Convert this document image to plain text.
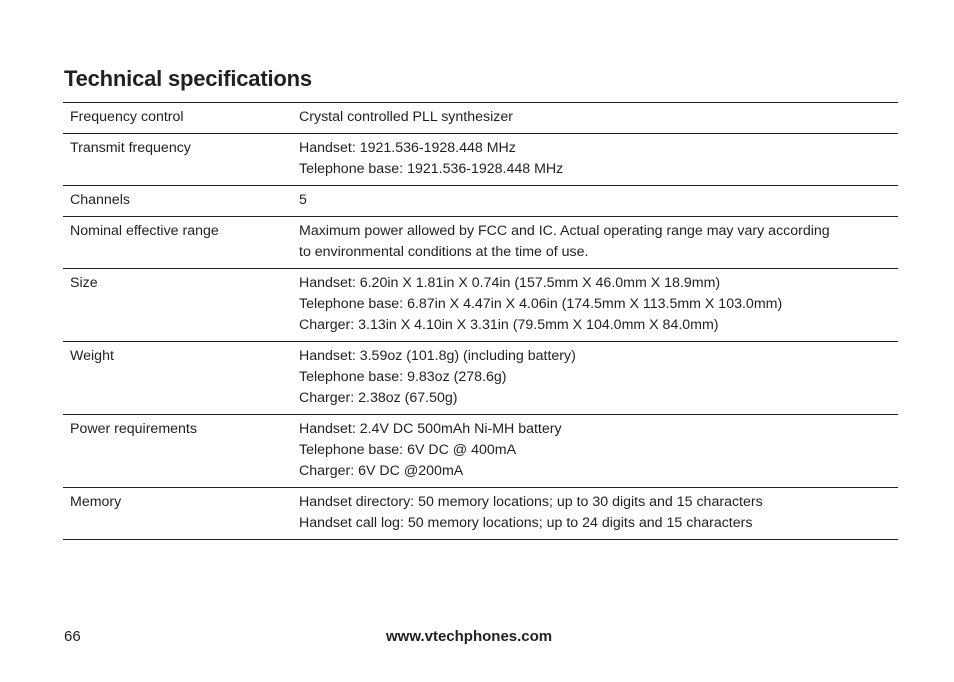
Technical specifications
Frequency control	Crystal controlled PLL synthesizer

Transmit frequency	Handset: 1921.536-1928.448 MHz
Telephone base: 1921.536-1928.448 MHz

Channels	5

Nominal effective range	Maximum power allowed by FCC and IC. Actual operating range may vary according
to environmental conditions at the time of use.

Size	Handset: 6.20in X 1.81in X 0.74in (157.5mm X 46.0mm X 18.9mm)
Telephone base: 6.87in X 4.47in X 4.06in (174.5mm X 113.5mm X 103.0mm)
Charger: 3.13in X 4.10in X 3.31in (79.5mm X 104.0mm X 84.0mm)

Weight	Handset: 3.59oz (101.8g) (including battery)
Telephone base: 9.83oz (278.6g)
Charger: 2.38oz (67.50g)

Power requirements	Handset: 2.4V DC 500mAh Ni-MH battery
Telephone base: 6V DC @ 400mA
Charger: 6V DC @200mA

Memory	Handset directory: 50 memory locations; up to 30 digits and 15 characters
Handset call log: 50 memory locations; up to 24 digits and 15 characters
66	www.vtechphones.com
